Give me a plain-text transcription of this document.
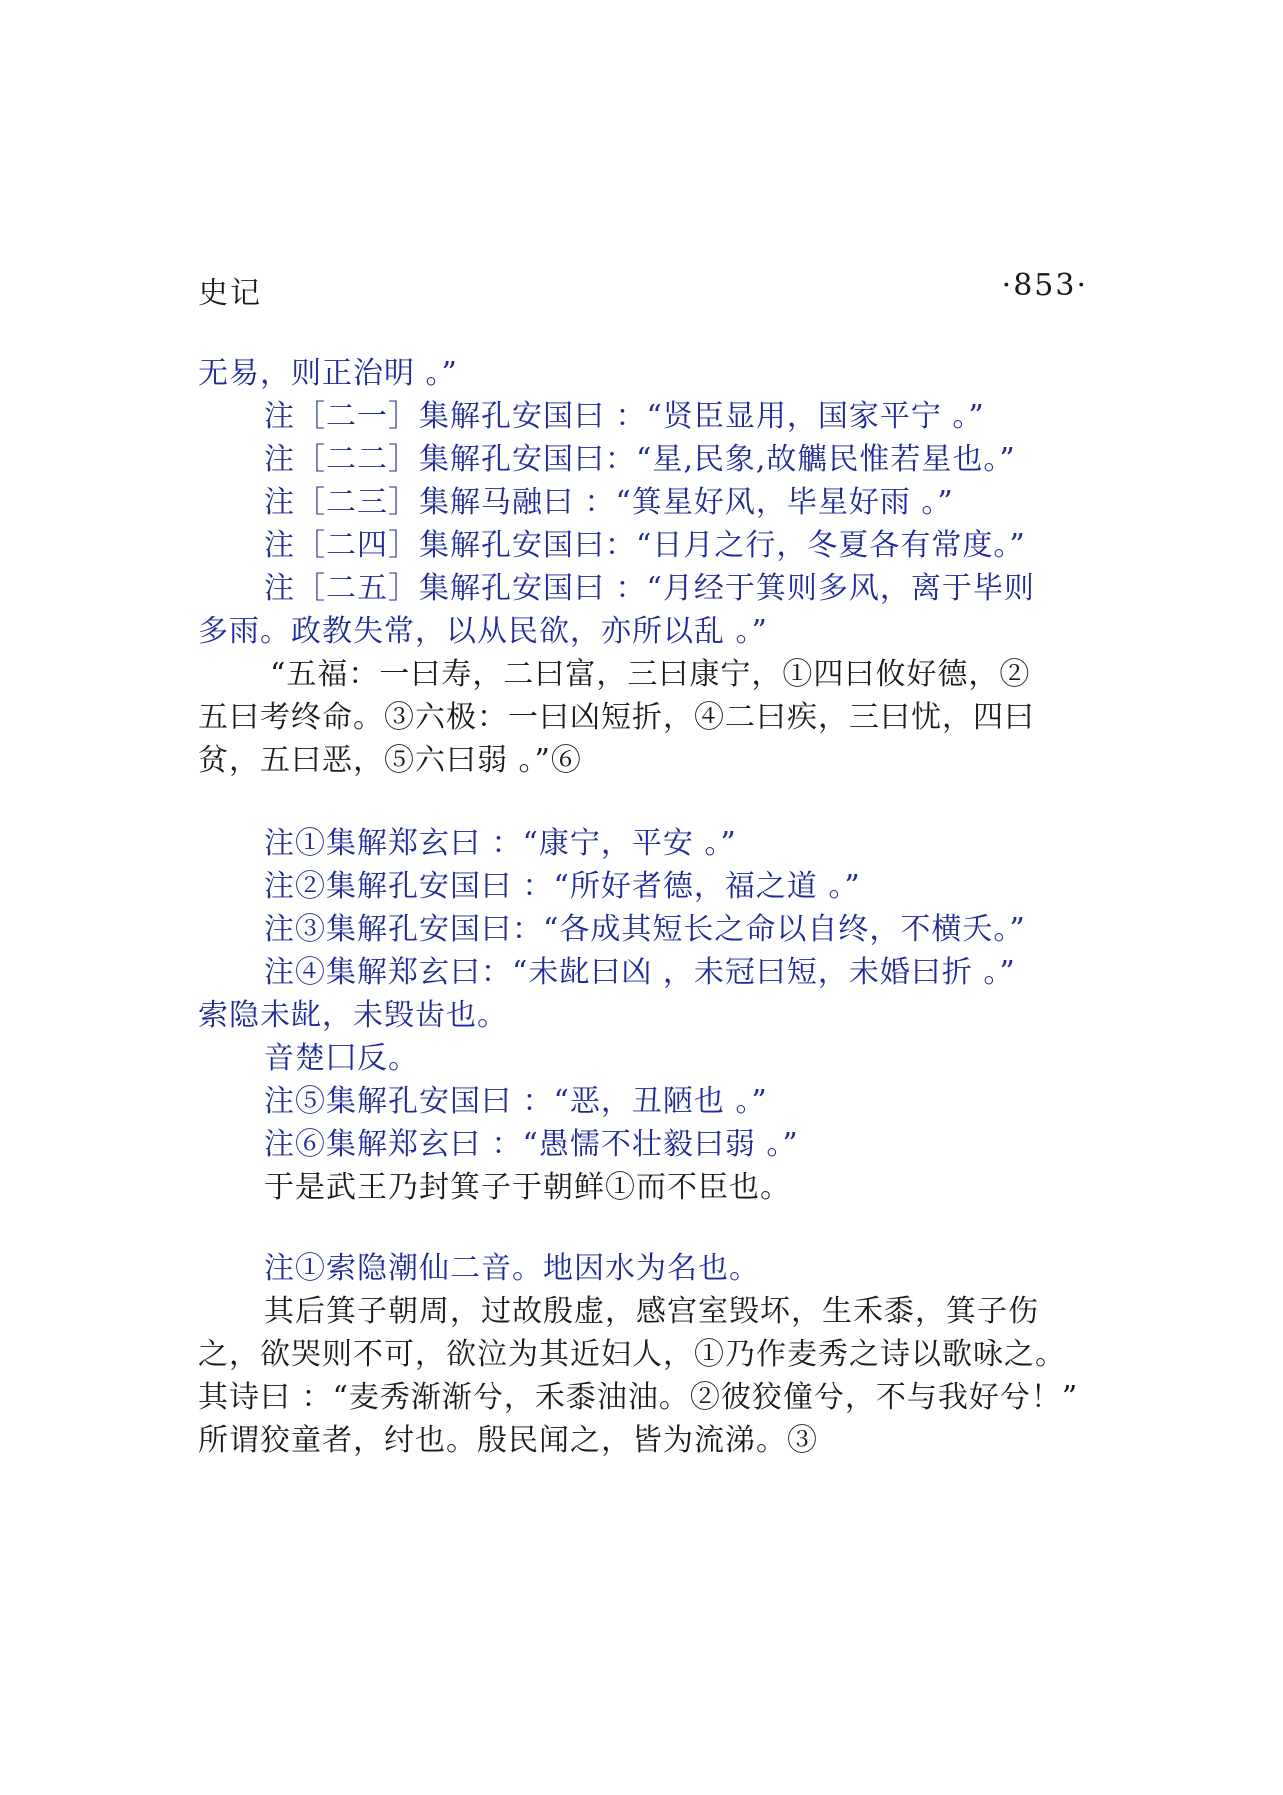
史记	·853·
无易，则正治明 。”
注［二一］集解孔安国曰 ：“贤臣显用，国家平宁 。”
注［二二］集解孔安国曰：“星,民象,故觽民惟若星也。”
注［二三］集解马融曰 ：“箕星好风，毕星好雨 。”
注［二四］集解孔安国曰：“日月之行，冬夏各有常度。”
注［二五］集解孔安国曰 ：“月经于箕则多风，离于毕则
多雨。政教失常，以从民欲，亦所以乱 。”
“五福：一曰寿，二曰富，三曰康宁，①四曰攸好德，②
五曰考终命。③六极：一曰凶短折，④二曰疾，三曰忧，四曰
贫，五曰恶，⑤六曰弱 。”⑥
注①集解郑玄曰 ：“康宁，平安 。”
注②集解孔安国曰 ：“所好者德，福之道 。”
注③集解孔安国曰：“各成其短长之命以自终，不横夭。”
注④集解郑玄曰：“未龀曰凶 ，未冠曰短，未婚曰折 。”
索隐未龀，未毁齿也。
音楚囗反。
注⑤集解孔安国曰 ：“恶，丑陋也 。”
注⑥集解郑玄曰 ：“愚懦不壮毅曰弱 。”
于是武王乃封箕子于朝鲜①而不臣也。
注①索隐潮仙二音。地因水为名也。
其后箕子朝周，过故殷虚，感宫室毁坏，生禾黍，箕子伤
之，欲哭则不可，欲泣为其近妇人，①乃作麦秀之诗以歌咏之。
其诗曰 ：“麦秀渐渐兮，禾黍油油。②彼狡僮兮，不与我好兮！”
所谓狡童者，纣也。殷民闻之，皆为流涕。③
